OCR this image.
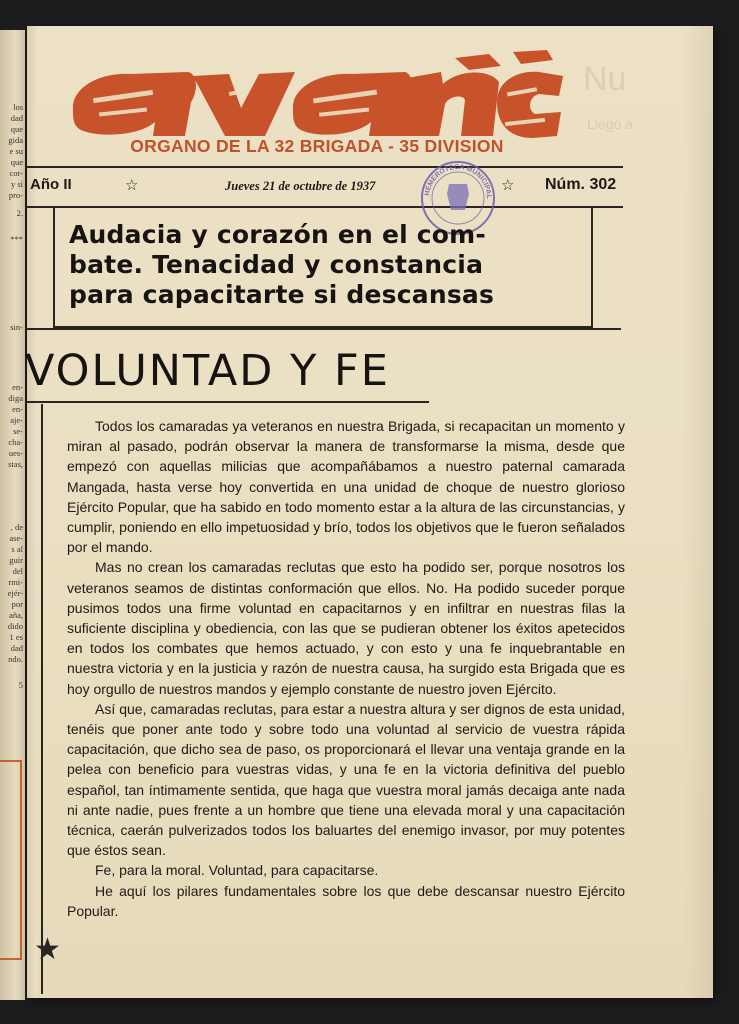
los
dad
que
gida
e su
que
cor-
y si
pro-
2.
***
sin-
en-
diga
en-
aje-
se-
cha-
ues-
stas,
, de
ase-
s al
guir
del
rmi-
ejér-
por
aña,
dido
1 es
dad
ndo.
5
Nu
Llegó a
ORGANO DE LA 32 BRIGADA - 35 DIVISION
Año II	☆	Jueves 21 de octubre de 1937	☆ Núm. 302
HEMEROTECA MUNICIPAL
Audacia y corazón en el com-
bate. Tenacidad y constancia
para capacitarte si descansas
VOLUNTAD Y FE

Todos los camaradas ya veteranos en nuestra Brigada, si recapacitan un momento y miran al pasado, podrán observar la manera de transformarse la misma, desde que empezó con aquellas milicias que acompañábamos a nuestro paternal camarada Mangada, hasta verse hoy convertida en una unidad de choque de nuestro glorioso Ejército Popular, que ha sabido en todo momento estar a la altura de las circunstancias, y cumplir, poniendo en ello impetuosidad y brío, todos los objetivos que le fueron señalados por el mando.

Mas no crean los camaradas reclutas que esto ha podido ser, porque nosotros los veteranos seamos de distintas conformación que ellos. No. Ha podido suceder porque pusimos todos una firme voluntad en capacitarnos y en infiltrar en nuestras filas la suficiente disciplina y obediencia, con las que se pudieran obtener los éxitos apetecidos en todos los combates que hemos actuado, y con esto y una fe inquebrantable en nuestra victoria y en la justicia y razón de nuestra causa, ha surgido esta Brigada que es hoy orgullo de nuestros mandos y ejemplo constante de nuestro joven Ejército.

Así que, camaradas reclutas, para estar a nuestra altura y ser dignos de esta unidad, tenéis que poner ante todo y sobre todo una voluntad al servicio de vuestra rápida capacitación, que dicho sea de paso, os proporcionará el llevar una ventaja grande en la pelea con beneficio para vuestras vidas, y una fe en la victoria definitiva del pueblo español, tan íntimamente sentida, que haga que vuestra moral jamás decaiga ante nada ni ante nadie, pues frente a un hombre que tiene una elevada moral y una capacitación técnica, caerán pulverizados todos los baluartes del enemigo invasor, por muy potentes que éstos sean.

Fe, para la moral. Voluntad, para capacitarse.

He aquí los pilares fundamentales sobre los que debe descansar nuestro Ejército Popular.

★
